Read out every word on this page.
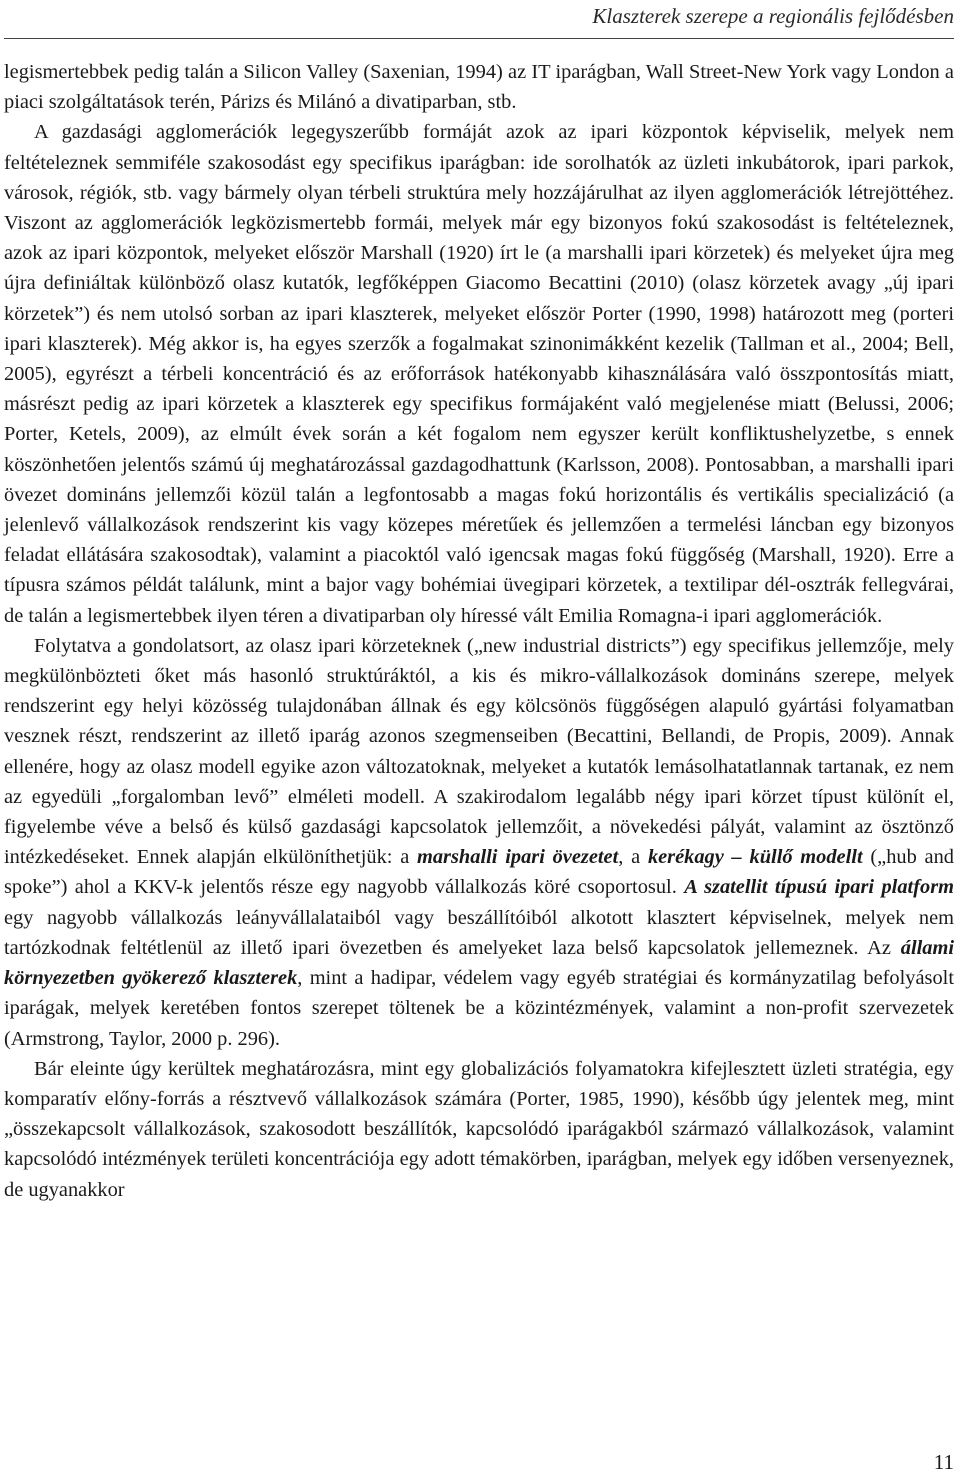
Klaszterek szerepe a regionális fejlődésben

legismertebbek pedig talán a Silicon Valley (Saxenian, 1994) az IT iparágban, Wall Street-New York vagy London a piaci szolgáltatások terén, Párizs és Milánó a divatiparban, stb.

A gazdasági agglomerációk legegyszerűbb formáját azok az ipari központok képviselik, melyek nem feltételeznek semmiféle szakosodást egy specifikus iparágban: ide sorolhatók az üzleti inkubátorok, ipari parkok, városok, régiók, stb. vagy bármely olyan térbeli struktúra mely hozzájárulhat az ilyen agglomerációk létrejöttéhez. Viszont az agglomerációk legközismertebb formái, melyek már egy bizonyos fokú szakosodást is feltételeznek, azok az ipari központok, melyeket először Marshall (1920) írt le (a marshalli ipari körzetek) és melyeket újra meg újra definiáltak különböző olasz kutatók, legfőképpen Giacomo Becattini (2010) (olasz körzetek avagy „új ipari körzetek”) és nem utolsó sorban az ipari klaszterek, melyeket először Porter (1990, 1998) határozott meg (porteri ipari klaszterek). Még akkor is, ha egyes szerzők a fogalmakat szinonimákként kezelik (Tallman et al., 2004; Bell, 2005), egyrészt a térbeli koncentráció és az erőforrások hatékonyabb kihasználására való összpontosítás miatt, másrészt pedig az ipari körzetek a klaszterek egy specifikus formájaként való megjelenése miatt (Belussi, 2006; Porter, Ketels, 2009), az elmúlt évek során a két fogalom nem egyszer került konfliktushelyzetbe, s ennek köszönhetően jelentős számú új meghatározással gazdagodhattunk (Karlsson, 2008). Pontosabban, a marshalli ipari övezet domináns jellemzői közül talán a legfontosabb a magas fokú horizontális és vertikális specializáció (a jelenlevő vállalkozások rendszerint kis vagy közepes méretűek és jellemzően a termelési láncban egy bizonyos feladat ellátására szakosodtak), valamint a piacoktól való igencsak magas fokú függőség (Marshall, 1920). Erre a típusra számos példát találunk, mint a bajor vagy bohémiai üvegipari körzetek, a textilipar dél-osztrák fellegvárai, de talán a legismertebbek ilyen téren a divatiparban oly híressé vált Emilia Romagna-i ipari agglomerációk.

Folytatva a gondolatsort, az olasz ipari körzeteknek („new industrial districts”) egy specifikus jellemzője, mely megkülönbözteti őket más hasonló struktúráktól, a kis és mikro-vállalkozások domináns szerepe, melyek rendszerint egy helyi közösség tulajdonában állnak és egy kölcsönös függőségen alapuló gyártási folyamatban vesznek részt, rendszerint az illető iparág azonos szegmenseiben (Becattini, Bellandi, de Propis, 2009). Annak ellenére, hogy az olasz modell egyike azon változatoknak, melyeket a kutatók lemásolhatatlannak tartanak, ez nem az egyedüli „forgalomban levő” elméleti modell. A szakirodalom legalább négy ipari körzet típust különít el, figyelembe véve a belső és külső gazdasági kapcsolatok jellemzőit, a növekedési pályát, valamint az ösztönző intézkedéseket. Ennek alapján elkülöníthetjük: a marshalli ipari övezetet, a kerékagy – küllő modellt („hub and spoke”) ahol a KKV-k jelentős része egy nagyobb vállalkozás köré csoportosul. A szatellit típusú ipari platform egy nagyobb vállalkozás leányvállalataiból vagy beszállítóiból alkotott klasztert képviselnek, melyek nem tartózkodnak feltétlenül az illető ipari övezetben és amelyeket laza belső kapcsolatok jellemeznek. Az állami környezetben gyökerező klaszterek, mint a hadipar, védelem vagy egyéb stratégiai és kormányzatilag befolyásolt iparágak, melyek keretében fontos szerepet töltenek be a közintézmények, valamint a non-profit szervezetek (Armstrong, Taylor, 2000 p. 296).

Bár eleinte úgy kerültek meghatározásra, mint egy globalizációs folyamatokra kifejlesztett üzleti stratégia, egy komparatív előny-forrás a résztvevő vállalkozások számára (Porter, 1985, 1990), később úgy jelentek meg, mint „összekapcsolt vállalkozások, szakosodott beszállítók, kapcsolódó iparágakból származó vállalkozások, valamint kapcsolódó intézmények területi koncentrációja egy adott témakörben, iparágban, melyek egy időben versenyeznek, de ugyanakkor

11
